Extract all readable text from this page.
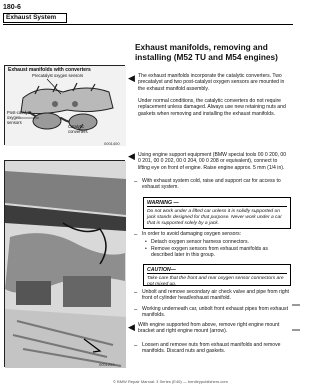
180-6
Exhaust System
Exhaust manifolds, removing and installing (M52 TU and M54 engines)
◀ The exhaust manifolds incorporate the catalytic converters. Two precatalyst and two post-catalyst oxygen sensors are mounted in the exhaust manifold assembly.
Under normal conditions, the catalytic converters do not require replacement unless damaged. Always use new retaining nuts and gaskets when removing and installing the exhaust manifolds.
Exhaust manifolds with converters
Precatalyst oxygen sensors
Post-catalyst oxygen sensors
Catalytic converters
0001400
◀ Using engine support equipment (BMW special tools 00 0 200, 00 0 201, 00 0 202, 00 0 204, 00 0 208 or equivalent), connect to lifting eye on front of engine. Raise engine approx. 5 mm (1/4 in).
– With exhaust system cold, raise and support car for access to exhaust system.
WARNING —
Do not work under a lifted car unless it is solidly supported on jack stands designed for that purpose. Never work under a car that is supported solely by a jack.
– In order to avoid damaging oxygen sensors:
• Detach oxygen sensor harness connectors.
• Remove oxygen sensors from exhaust manifolds as described later in this group.
CAUTION—
Take care that the front and rear oxygen sensor connectors are not mixed up.
– Unbolt and remove secondary air check valve and pipe from right front of cylinder head/exhaust manifold.
– Working underneath car, unbolt front exhaust pipes from exhaust manifolds.
◀ With engine supported from above, remove right engine mount bracket and right engine mount (arrow).
– Loosen and remove nuts from exhaust manifolds and remove manifolds. Discard nuts and gaskets.
0001294
© BMW Repair Manual: 3 Series (E46) — bentleypublishers.com
